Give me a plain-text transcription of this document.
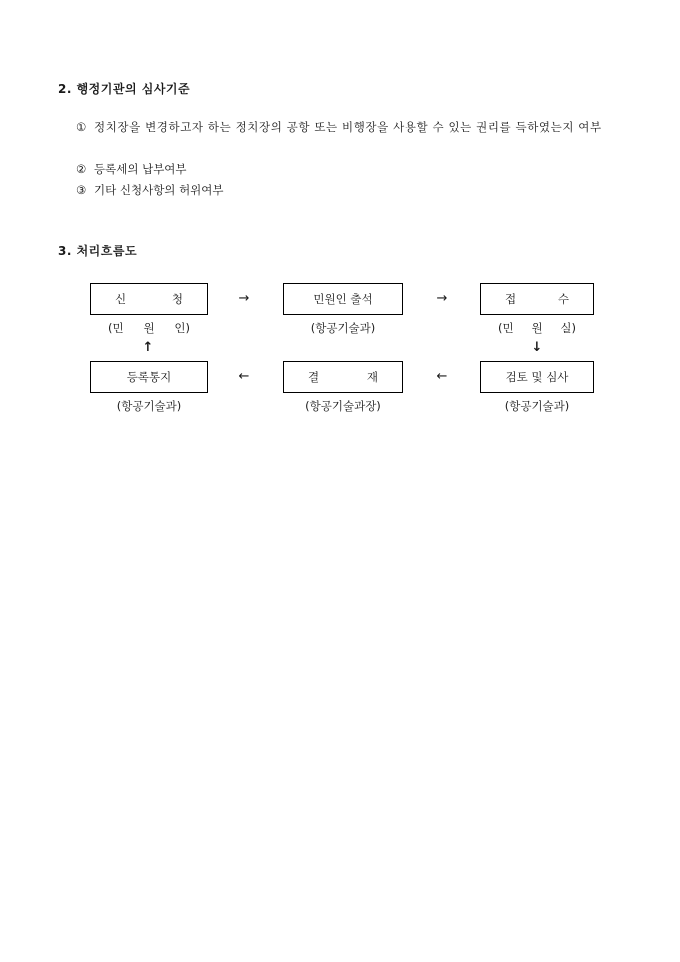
2. 행정기관의 심사기준
① 정치장을 변경하고자 하는 정치장의 공항 또는 비행장을 사용할 수 있는 권리를 득하였는지 여부
② 등록세의 납부여부
③ 기타 신청사항의 허위여부
3. 처리흐름도
신	청
(민 원 인)
→	민원인 출석
(항공기술과)
→	접	수
(민 원 실)
↑	↓
등록통지
(항공기술과)
←	결	재
(항공기술과장)
←	검토 및 심사
(항공기술과)
